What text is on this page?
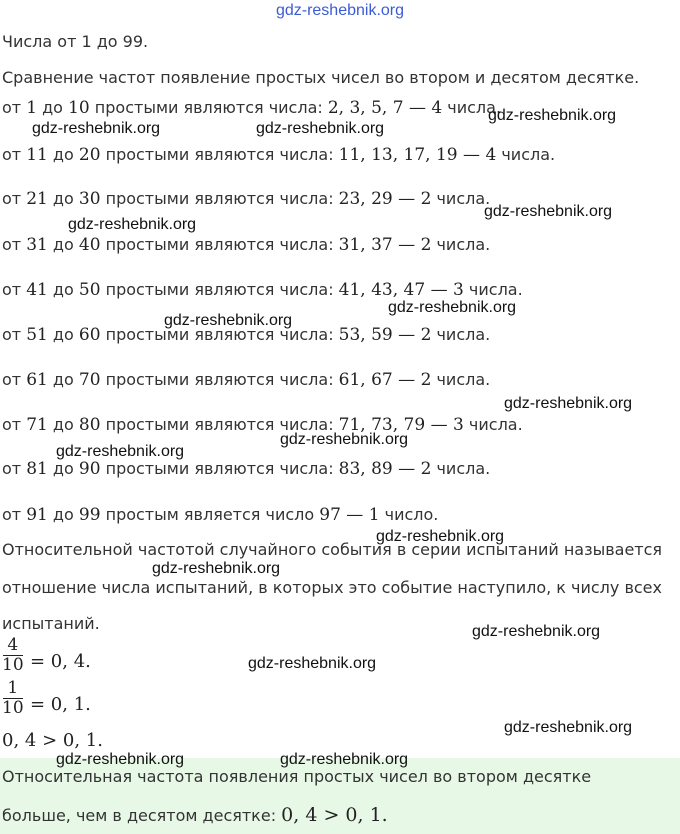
gdz-reshebnik.org
Числа от 1 до 99.
Сравнение частот появление простых чисел во втором и десятом десятке.
от 1 до 10 простыми являются числа: 2, 3, 5, 7 — 4 числа.
от 11 до 20 простыми являются числа: 11, 13, 17, 19 — 4 числа.
от 21 до 30 простыми являются числа: 23, 29 — 2 числа.
от 31 до 40 простыми являются числа: 31, 37 — 2 числа.
от 41 до 50 простыми являются числа: 41, 43, 47 — 3 числа.
от 51 до 60 простыми являются числа: 53, 59 — 2 числа.
от 61 до 70 простыми являются числа: 61, 67 — 2 числа.
от 71 до 80 простыми являются числа: 71, 73, 79 — 3 числа.
от 81 до 90 простыми являются числа: 83, 89 — 2 числа.
от 91 до 99 простым является число 97 — 1 число.
Относительной частотой случайного события в серии испытаний называется
отношение числа испытаний, в которых это событие наступило, к числу всех
испытаний.
4
10 = 0, 4.
1
10 = 0, 1.
0, 4 > 0, 1.
Относительная частота появления простых чисел во втором десятке
больше, чем в десятом десятке: 0, 4 > 0, 1.
gdz-reshebnik.org	gdz-reshebnik.org
gdz-reshebnik.org
gdz-reshebnik.org
gdz-reshebnik.org
gdz-reshebnik.org
gdz-reshebnik.org
gdz-reshebnik.org
gdz-reshebnik.org
gdz-reshebnik.org
gdz-reshebnik.org
gdz-reshebnik.org
gdz-reshebnik.org
gdz-reshebnik.org
gdz-reshebnik.org
gdz-reshebnik.org	gdz-reshebnik.org
